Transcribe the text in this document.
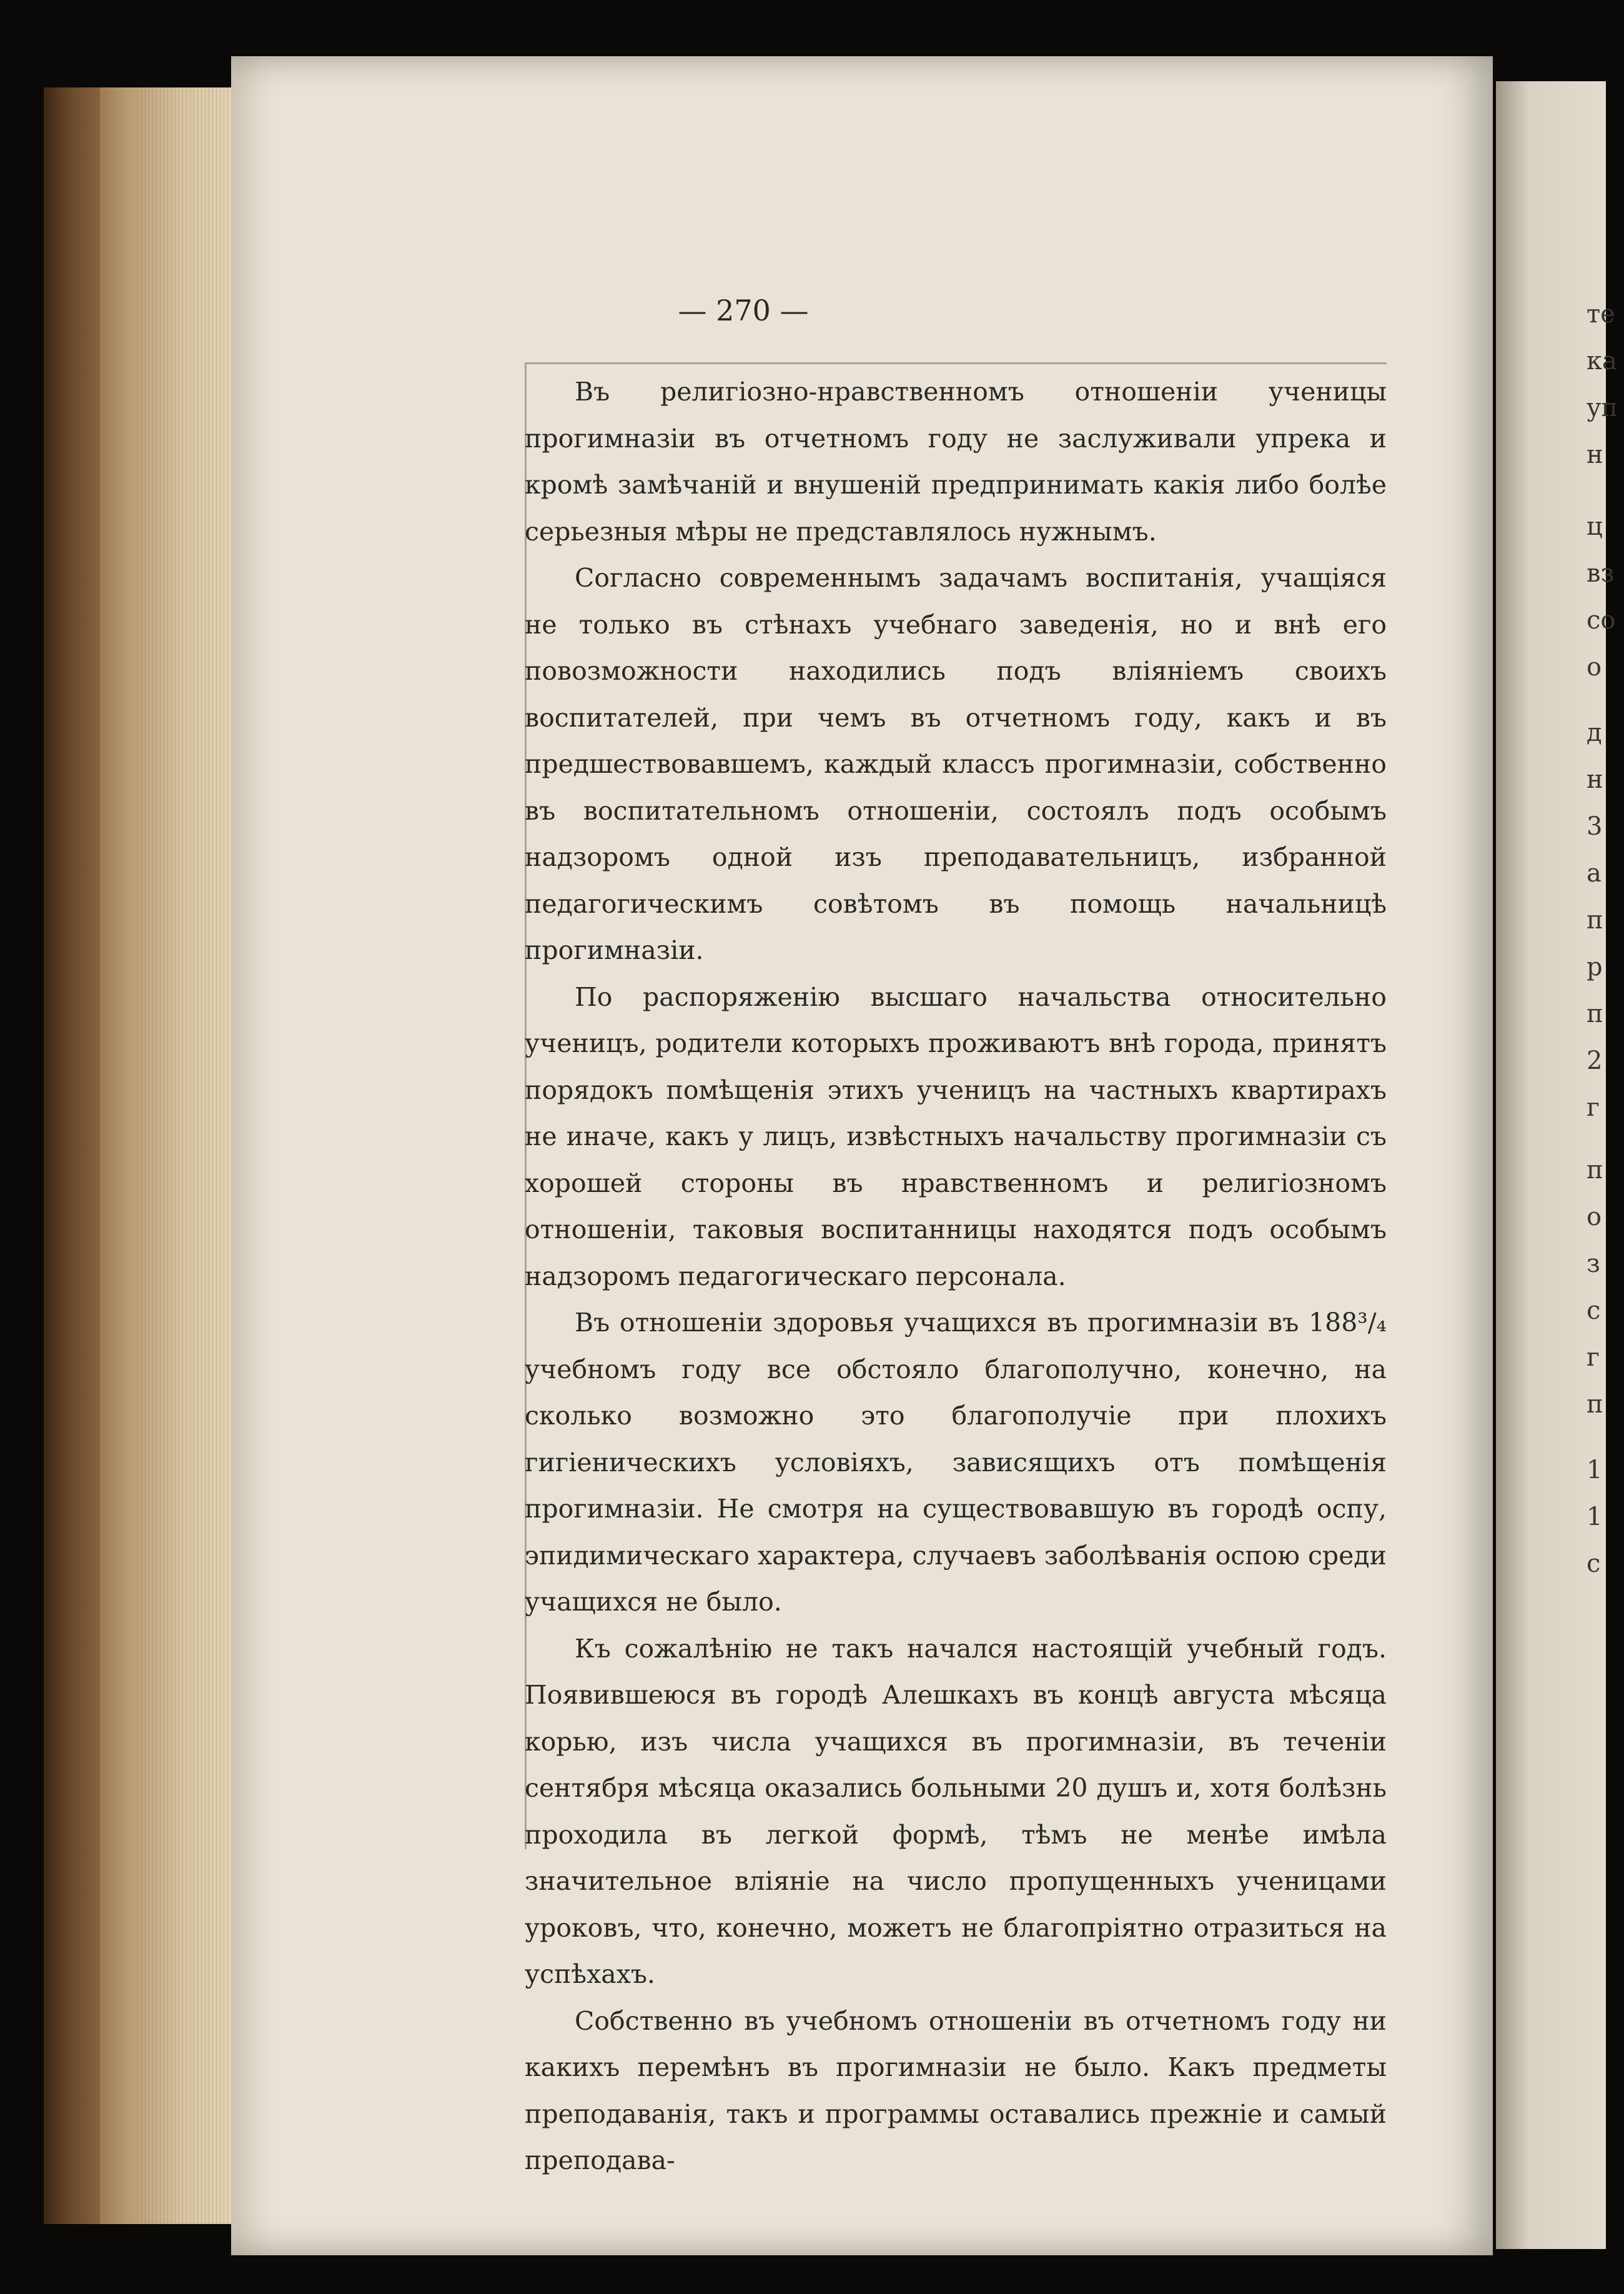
те
ка
уп
н
ц
вз
со
о
д
н
3
а
п
р
п
2
г
п
о
з
с
г
п
1
1
с
— 270 —

Въ религіозно-нравственномъ отношеніи ученицы прогимназіи въ отчетномъ году не заслуживали упрека и кромѣ замѣчаній и внушеній предпринимать какія либо болѣе серьезныя мѣры не представлялось нужнымъ.

Согласно современнымъ задачамъ воспитанія, учащіяся не только въ стѣнахъ учебнаго заведенія, но и внѣ его повозможности находились подъ вліяніемъ своихъ воспитателей, при чемъ въ отчетномъ году, какъ и въ предшествовавшемъ, каждый классъ прогимназіи, собственно въ воспитательномъ отношеніи, состоялъ подъ особымъ надзоромъ одной изъ преподавательницъ, избранной педагогическимъ совѣтомъ въ помощь начальницѣ прогимназіи.

По распоряженію высшаго начальства относительно ученицъ, родители которыхъ проживаютъ внѣ города, принятъ порядокъ помѣщенія этихъ ученицъ на частныхъ квартирахъ не иначе, какъ у лицъ, извѣстныхъ начальству прогимназіи съ хорошей стороны въ нравственномъ и религіозномъ отношеніи, таковыя воспитанницы находятся подъ особымъ надзоромъ педагогическаго персонала.

Въ отношеніи здоровья учащихся въ прогимназіи въ 188³/₄ учебномъ году все обстояло благополучно, конечно, на сколько возможно это благополучіе при плохихъ гигіеническихъ условіяхъ, зависящихъ отъ помѣщенія прогимназіи. Не смотря на существовавшую въ городѣ оспу, эпидимическаго характера, случаевъ заболѣванія оспою среди учащихся не было.

Къ сожалѣнію не такъ начался настоящій учебный годъ. Появившеюся въ городѣ Алешкахъ въ концѣ августа мѣсяца корью, изъ числа учащихся въ прогимназіи, въ теченіи сентября мѣсяца оказались больными 20 душъ и, хотя болѣзнь проходила въ легкой формѣ, тѣмъ не менѣе имѣла значительное вліяніе на число пропущенныхъ ученицами уроковъ, что, конечно, можетъ не благопріятно отразиться на успѣхахъ.

Собственно въ учебномъ отношеніи въ отчетномъ году ни какихъ перемѣнъ въ прогимназіи не было. Какъ предметы преподаванія, такъ и программы оставались прежніе и самый преподава-
